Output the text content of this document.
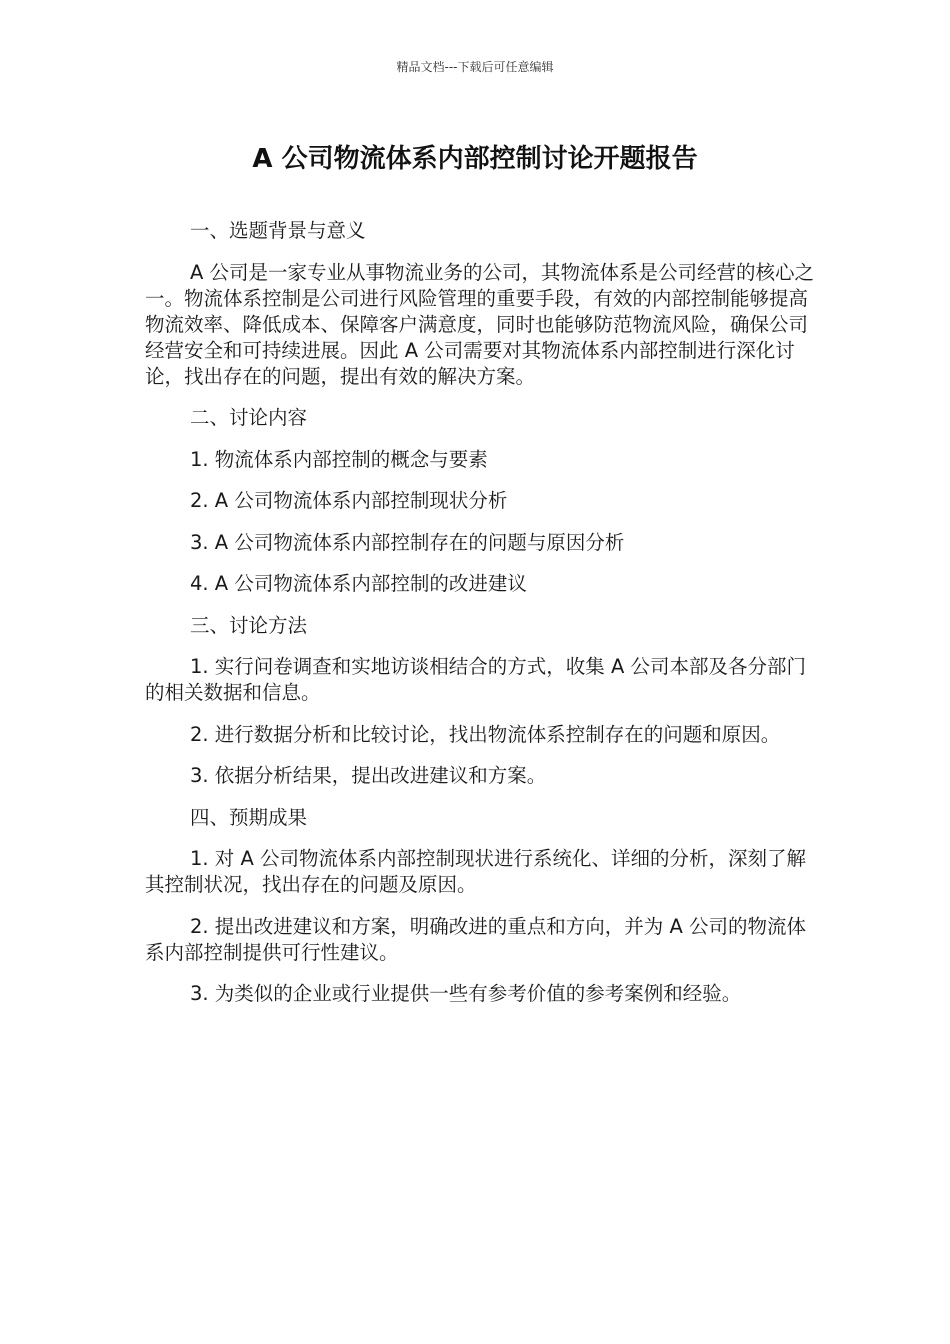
精品文档---下载后可任意编辑
A 公司物流体系内部控制讨论开题报告

一、选题背景与意义

A 公司是一家专业从事物流业务的公司，其物流体系是公司经营的核心之一。物流体系控制是公司进行风险管理的重要手段，有效的内部控制能够提高物流效率、降低成本、保障客户满意度，同时也能够防范物流风险，确保公司经营安全和可持续进展。因此 A 公司需要对其物流体系内部控制进行深化讨论，找出存在的问题，提出有效的解决方案。

二、讨论内容

1. 物流体系内部控制的概念与要素

2. A 公司物流体系内部控制现状分析

3. A 公司物流体系内部控制存在的问题与原因分析

4. A 公司物流体系内部控制的改进建议

三、讨论方法

1. 实行问卷调查和实地访谈相结合的方式，收集 A 公司本部及各分部门的相关数据和信息。

2. 进行数据分析和比较讨论，找出物流体系控制存在的问题和原因。

3. 依据分析结果，提出改进建议和方案。

四、预期成果

1. 对 A 公司物流体系内部控制现状进行系统化、详细的分析，深刻了解其控制状况，找出存在的问题及原因。

2. 提出改进建议和方案，明确改进的重点和方向，并为 A 公司的物流体系内部控制提供可行性建议。

3. 为类似的企业或行业提供一些有参考价值的参考案例和经验。
